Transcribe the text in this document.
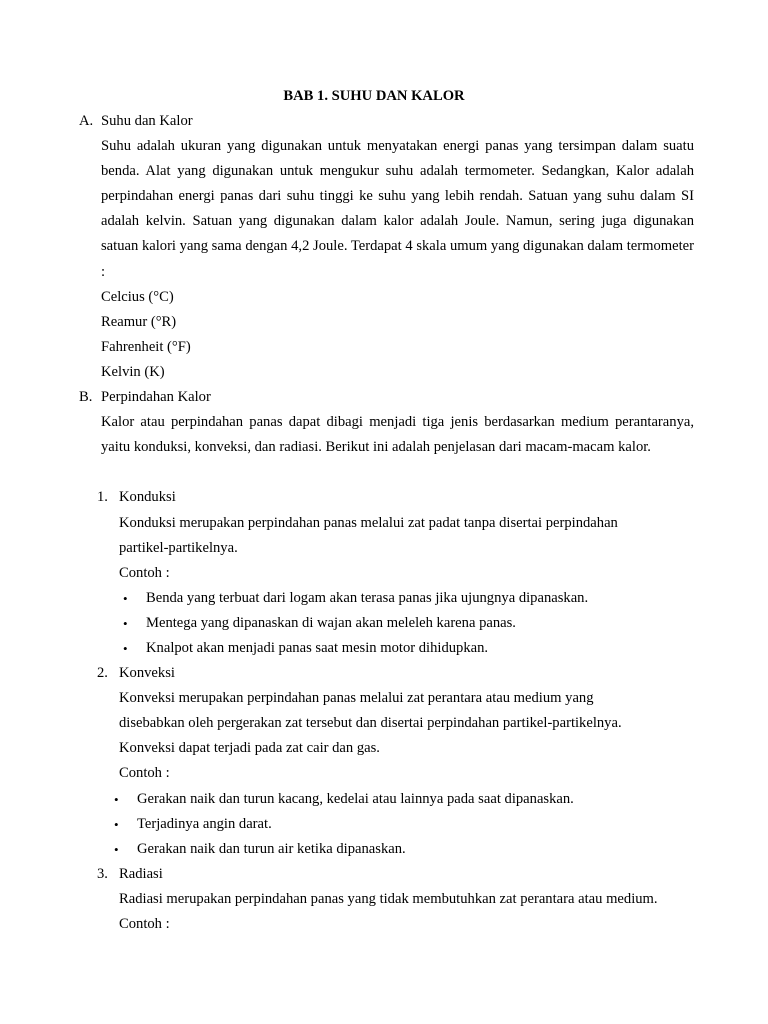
BAB 1. SUHU DAN KALOR
A. Suhu dan Kalor
Suhu adalah ukuran yang digunakan untuk menyatakan energi panas yang tersimpan dalam suatu benda. Alat yang digunakan untuk mengukur suhu adalah termometer. Sedangkan, Kalor adalah perpindahan energi panas dari suhu tinggi ke suhu yang lebih rendah. Satuan yang suhu dalam SI adalah kelvin. Satuan yang digunakan dalam kalor adalah Joule. Namun, sering juga digunakan satuan kalori yang sama dengan 4,2 Joule. Terdapat 4 skala umum yang digunakan dalam termometer :
Celcius (°C)
Reamur (°R)
Fahrenheit (°F)
Kelvin (K)
B. Perpindahan Kalor
Kalor atau perpindahan panas dapat dibagi menjadi tiga jenis berdasarkan medium perantaranya, yaitu konduksi, konveksi, dan radiasi. Berikut ini adalah penjelasan dari macam-macam kalor.
1. Konduksi
Konduksi merupakan perpindahan panas melalui zat padat tanpa disertai perpindahan
partikel-partikelnya.
Contoh :
• Benda yang terbuat dari logam akan terasa panas jika ujungnya dipanaskan.
• Mentega yang dipanaskan di wajan akan meleleh karena panas.
• Knalpot akan menjadi panas saat mesin motor dihidupkan.
2. Konveksi
Konveksi merupakan perpindahan panas melalui zat perantara atau medium yang
disebabkan oleh pergerakan zat tersebut dan disertai perpindahan partikel-partikelnya.
Konveksi dapat terjadi pada zat cair dan gas.
Contoh :
• Gerakan naik dan turun kacang, kedelai atau lainnya pada saat dipanaskan.
• Terjadinya angin darat.
• Gerakan naik dan turun air ketika dipanaskan.
3. Radiasi
Radiasi merupakan perpindahan panas yang tidak membutuhkan zat perantara atau medium.
Contoh :
